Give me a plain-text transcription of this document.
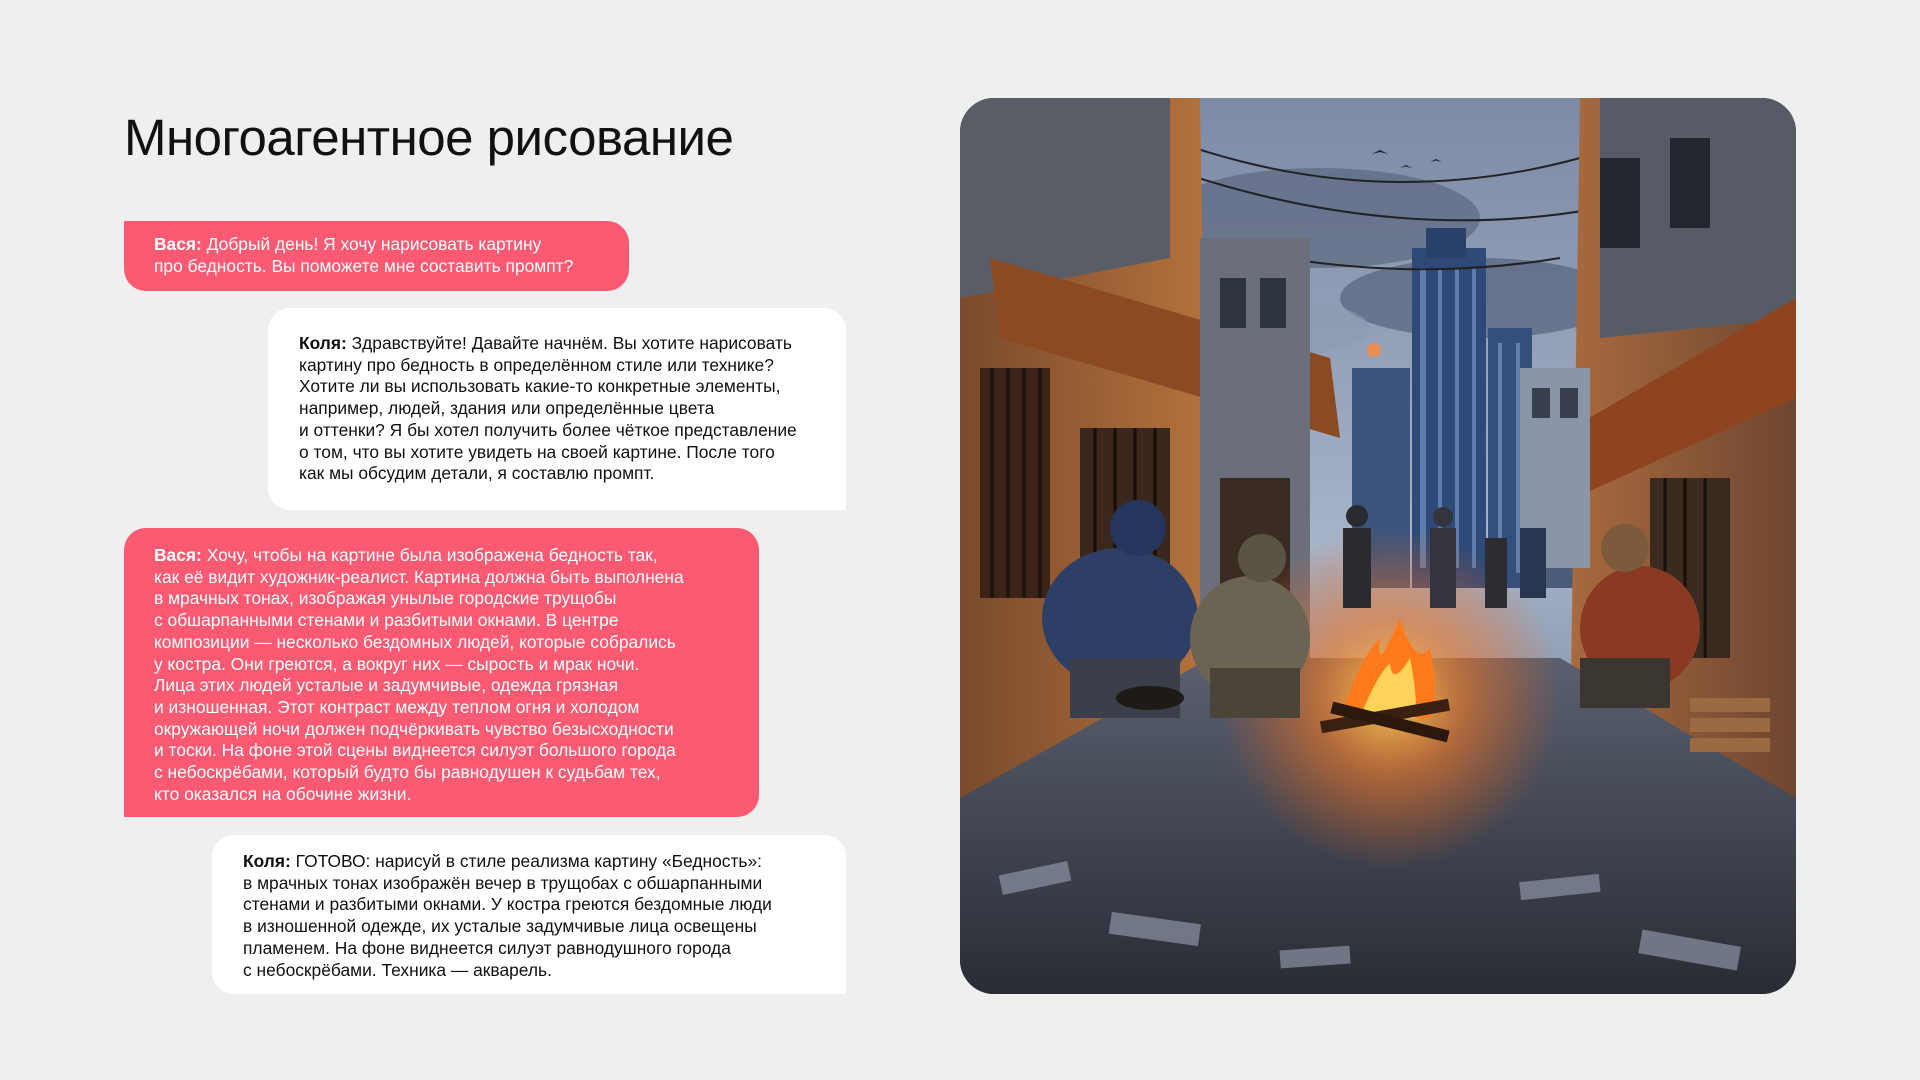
Многоагентное рисование
Вася: Добрый день! Я хочу нарисовать картину
про бедность. Вы поможете мне составить промпт?
Коля: Здравствуйте! Давайте начнём. Вы хотите нарисовать
картину про бедность в определённом стиле или технике?
Хотите ли вы использовать какие-то конкретные элементы,
например, людей, здания или определённые цвета
и оттенки? Я бы хотел получить более чёткое представление
о том, что вы хотите увидеть на своей картине. После того
как мы обсудим детали, я составлю промпт.
Вася: Хочу, чтобы на картине была изображена бедность так,
как её видит художник-реалист. Картина должна быть выполнена
в мрачных тонах, изображая унылые городские трущобы
с обшарпанными стенами и разбитыми окнами. В центре
композиции — несколько бездомных людей, которые собрались
у костра. Они греются, а вокруг них — сырость и мрак ночи.
Лица этих людей усталые и задумчивые, одежда грязная
и изношенная. Этот контраст между теплом огня и холодом
окружающей ночи должен подчёркивать чувство безысходности
и тоски. На фоне этой сцены виднеется силуэт большого города
с небоскрёбами, который будто бы равнодушен к судьбам тех,
кто оказался на обочине жизни.
Коля: ГОТОВО: нарисуй в стиле реализма картину «Бедность»:
в мрачных тонах изображён вечер в трущобах с обшарпанными
стенами и разбитыми окнами. У костра греются бездомные люди
в изношенной одежде, их усталые задумчивые лица освещены
пламенем. На фоне виднеется силуэт равнодушного города
с небоскрёбами. Техника — акварель.
